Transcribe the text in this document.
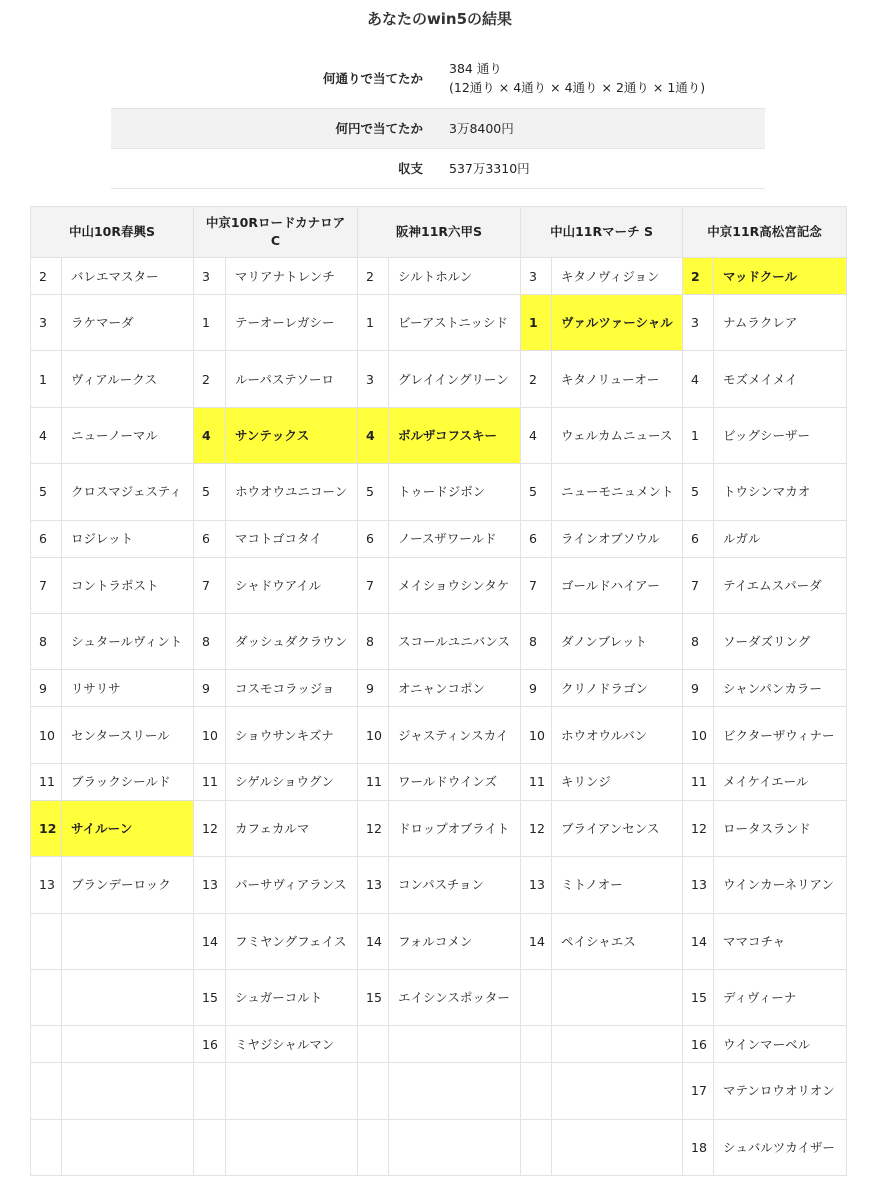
あなたのwin5の結果
何通りで当てたか	384 通り
(12通り × 4通り × 4通り × 2通り × 1通り)

何円で当てたか	3万8400円
収支	537万3310円
中山10R春興S		中京10Rロードカナロア C		阪神11R六甲S		中山11Rマーチ S		中京11R高松宮記念	
2	バレエマスター	3	マリアナトレンチ	2	シルトホルン	3	キタノヴィジョン	2	マッドクール
3	ラケマーダ	1	テーオーレガシー	1	ビーアストニッシド	1	ヴァルツァーシャル	3	ナムラクレア
1	ヴィアルークス	2	ルーパステソーロ	3	グレイイングリーン	2	キタノリューオー	4	モズメイメイ
4	ニューノーマル	4	サンテックス	4	ボルザコフスキー	4	ウェルカムニュース	1	ビッグシーザー
5	クロスマジェスティ	5	ホウオウユニコーン	5	トゥードジボン	5	ニューモニュメント	5	トウシンマカオ
6	ロジレット	6	マコトゴコタイ	6	ノースザワールド	6	ラインオブソウル	6	ルガル
7	コントラポスト	7	シャドウアイル	7	メイショウシンタケ	7	ゴールドハイアー	7	テイエムスパーダ
8	シュタールヴィント	8	ダッシュダクラウン	8	スコールユニバンス	8	ダノンブレット	8	ソーダズリング
9	リサリサ	9	コスモコラッジョ	9	オニャンコポン	9	クリノドラゴン	9	シャンパンカラー
10	センタースリール	10	ショウサンキズナ	10	ジャスティンスカイ	10	ホウオウルバン	10	ビクターザウィナー
11	ブラックシールド	11	シゲルショウグン	11	ワールドウインズ	11	キリンジ	11	メイケイエール
12	サイルーン	12	カフェカルマ	12	ドロップオブライト	12	ブライアンセンス	12	ロータスランド
13	ブランデーロック	13	パーサヴィアランス	13	コンパスチョン	13	ミトノオー	13	ウインカーネリアン
		14	フミヤングフェイス	14	フォルコメン	14	ペイシャエス	14	ママコチャ
		15	シュガーコルト	15	エイシンスポッター			15	ディヴィーナ
		16	ミヤジシャルマン					16	ウインマーベル
								17	マテンロウオリオン
								18	シュバルツカイザー
